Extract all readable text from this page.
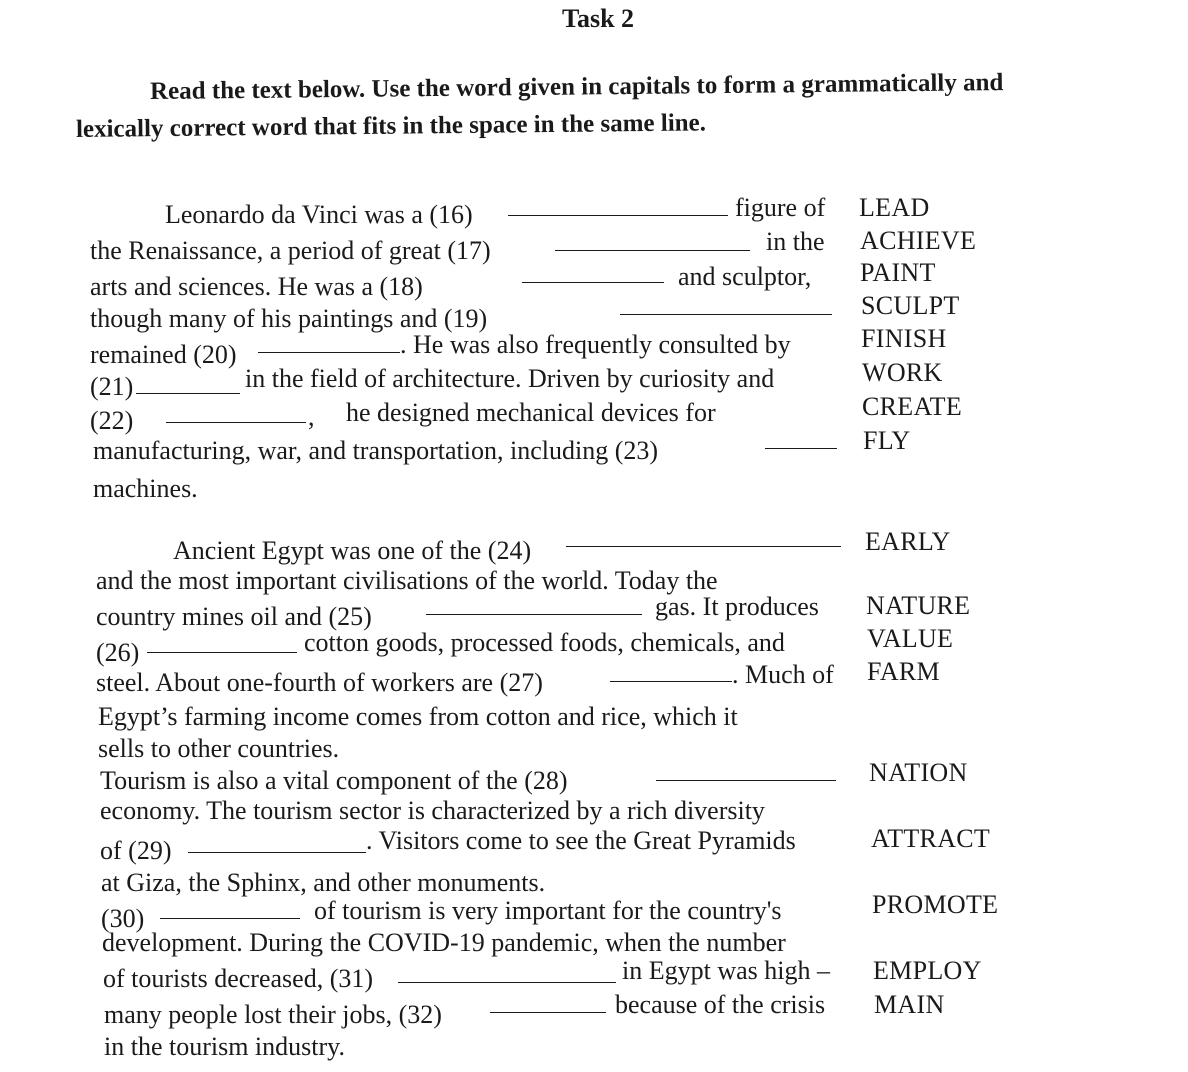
Task 2
Read the text below. Use the word given in capitals to form a grammatically and
lexically correct word that fits in the space in the same line.
Leonardo da Vinci was a (16)	figure of
the Renaissance, a period of great (17)	in the
arts and sciences. He was a (18)	and sculptor,
though many of his paintings and (19)
remained (20)	. He was also frequently consulted by
(21)	in the field of architecture. Driven by curiosity and
(22)	, he designed mechanical devices for
manufacturing, war, and transportation, including (23)
machines.
LEAD
ACHIEVE
PAINT
SCULPT
FINISH
WORK
CREATE
FLY
Ancient Egypt was one of the (24)
and the most important civilisations of the world. Today the
country mines oil and (25)	gas. It produces
(26)	cotton goods, processed foods, chemicals, and
steel. About one-fourth of workers are (27)	. Much of
Egypt’s farming income comes from cotton and rice, which it
sells to other countries.
Tourism is also a vital component of the (28)
economy. The tourism sector is characterized by a rich diversity
of (29)	. Visitors come to see the Great Pyramids
at Giza, the Sphinx, and other monuments.
(30)	of tourism is very important for the country's
development. During the COVID-19 pandemic, when the number
of tourists decreased, (31)	in Egypt was high –
many people lost their jobs, (32)	because of the crisis
in the tourism industry.
EARLY
NATURE
VALUE
FARM
NATION
ATTRACT
PROMOTE
EMPLOY
MAIN
